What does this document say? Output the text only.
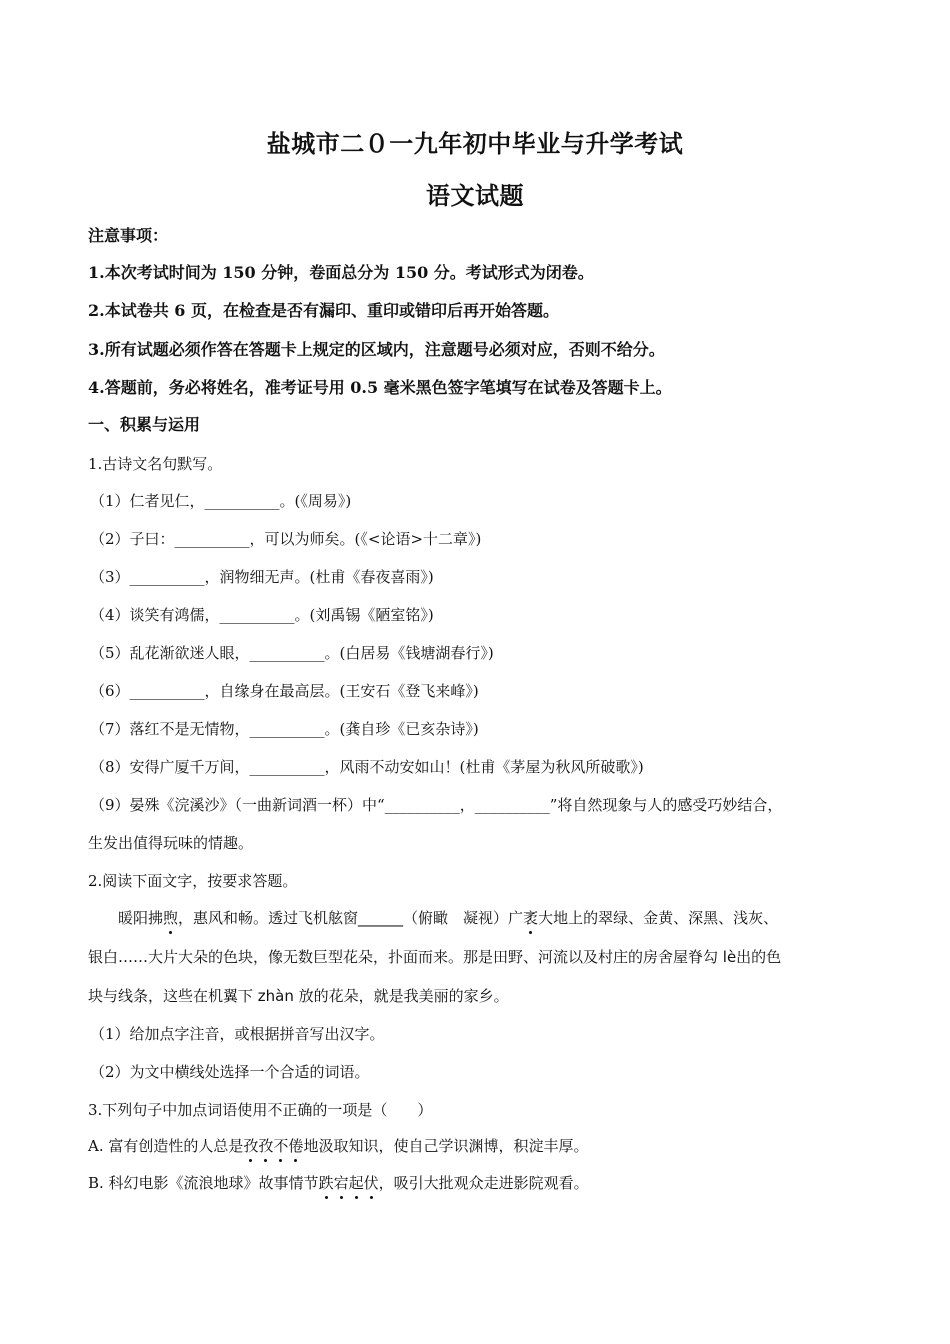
盐城市二０一九年初中毕业与升学考试
语文试题
注意事项：
1.本次考试时间为 150 分钟，卷面总分为 150 分。考试形式为闭卷。
2.本试卷共 6 页，在检查是否有漏印、重印或错印后再开始答题。
3.所有试题必须作答在答题卡上规定的区域内，注意题号必须对应，否则不给分。
4.答题前，务必将姓名，准考证号用 0.5 毫米黑色签字笔填写在试卷及答题卡上。
一、积累与运用
1.古诗文名句默写。
（1）仁者见仁，__________。(《周易》)
（2）子曰：__________，可以为师矣。(《<论语>十二章》)
（3）__________，润物细无声。(杜甫《春夜喜雨》)
（4）谈笑有鸿儒，__________。(刘禹锡《陋室铭》)
（5）乱花渐欲迷人眼，__________。(白居易《钱塘湖春行》)
（6）__________，自缘身在最高层。(王安石《登飞来峰》)
（7）落红不是无情物，__________。(龚自珍《已亥杂诗》)
（8）安得广厦千万间，__________，风雨不动安如山！(杜甫《茅屋为秋风所破歌》)
（9）晏殊《浣溪沙》（一曲新词酒一杯）中“__________，__________”将自然现象与人的感受巧妙结合，
生发出值得玩味的情趣。
2.阅读下面文字，按要求答题。
暖阳拂煦，惠风和畅。透过飞机舷窗______（俯瞰　凝视）广袤大地上的翠绿、金黄、深黑、浅灰、
银白……大片大朵的色块，像无数巨型花朵，扑面而来。那是田野、河流以及村庄的房舍屋脊勾 lè出的色
块与线条，这些在机翼下 zhàn 放的花朵，就是我美丽的家乡。
（1）给加点字注音，或根据拼音写出汉字。
（2）为文中横线处选择一个合适的词语。
3.下列句子中加点词语使用不正确的一项是（　　）
A. 富有创造性的人总是孜孜不倦地汲取知识，使自己学识渊博，积淀丰厚。
B. 科幻电影《流浪地球》故事情节跌宕起伏，吸引大批观众走进影院观看。
